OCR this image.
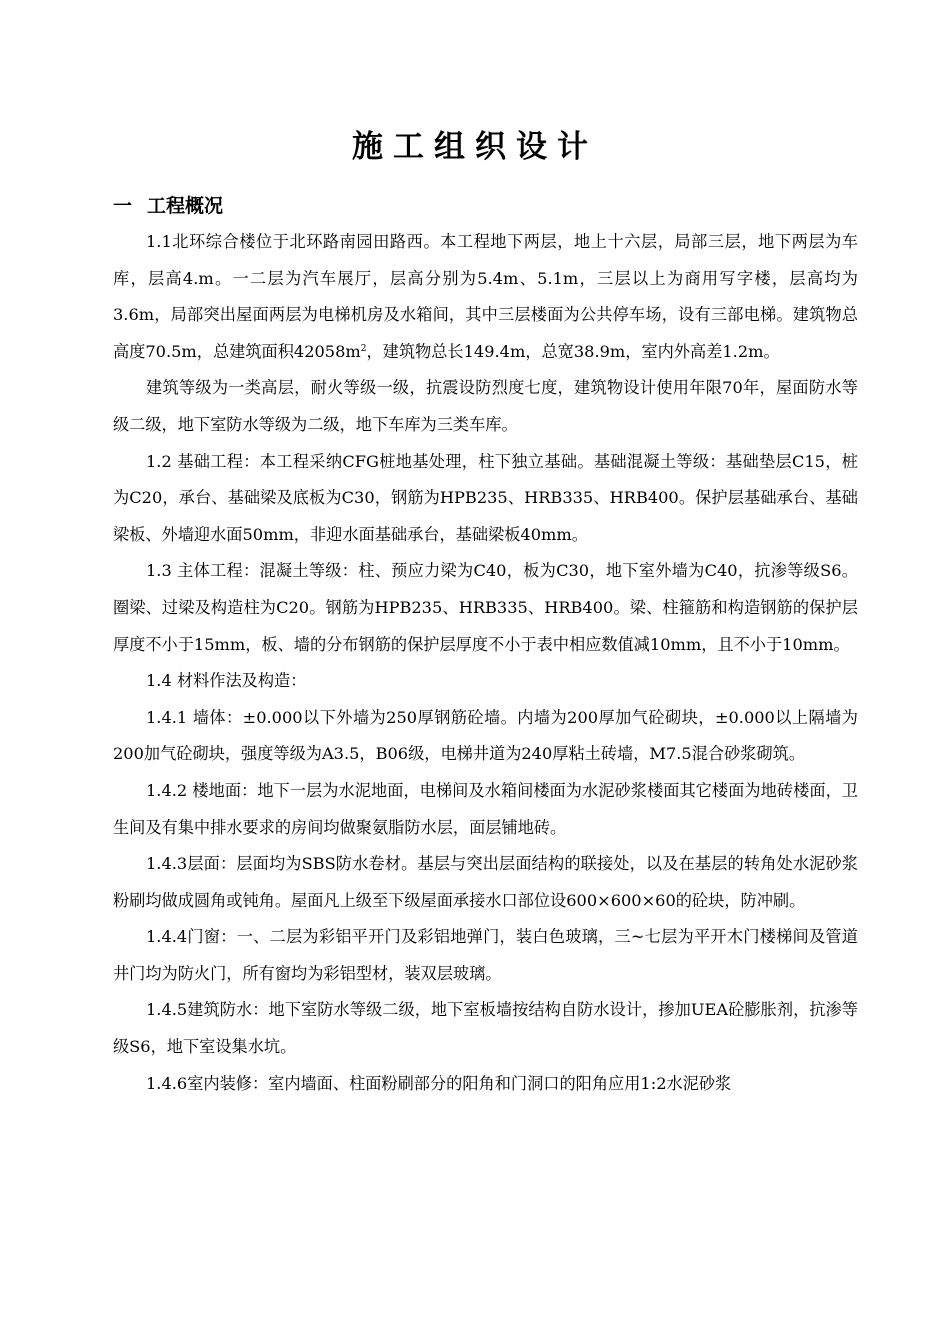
施工组织设计
一 工程概况

1.1北环综合楼位于北环路南园田路西。本工程地下两层，地上十六层，局部三层，地下两层为车库，层高4.m。一二层为汽车展厅，层高分别为5.4m、5.1m，三层以上为商用写字楼，层高均为3.6m，局部突出屋面两层为电梯机房及水箱间，其中三层楼面为公共停车场，设有三部电梯。建筑物总高度70.5m，总建筑面积$42058m^2$，建筑物总长149.4m，总宽38.9m，室内外高差1.2m。

建筑等级为一类高层，耐火等级一级，抗震设防烈度七度，建筑物设计使用年限70年，屋面防水等级二级，地下室防水等级为二级，地下车库为三类车库。

1.2 基础工程：本工程采纳CFG桩地基处理，柱下独立基础。基础混凝土等级：基础垫层C15，桩为C20，承台、基础梁及底板为C30，钢筋为HPB235、HRB335、HRB400。保护层基础承台、基础梁板、外墙迎水面50mm，非迎水面基础承台，基础梁板40mm。

1.3 主体工程：混凝土等级：柱、预应力梁为C40，板为C30，地下室外墙为C40，抗渗等级S6。圈梁、过梁及构造柱为C20。钢筋为HPB235、HRB335、HRB400。梁、柱箍筋和构造钢筋的保护层厚度不小于15mm，板、墙的分布钢筋的保护层厚度不小于表中相应数值减10mm，且不小于10mm。

1.4 材料作法及构造：

1.4.1 墙体：±0.000以下外墙为250厚钢筋砼墙。内墙为200厚加气砼砌块，±0.000以上隔墙为200加气砼砌块，强度等级为A3.5，B06级，电梯井道为240厚粘土砖墙，M7.5混合砂浆砌筑。

1.4.2 楼地面：地下一层为水泥地面，电梯间及水箱间楼面为水泥砂浆楼面其它楼面为地砖楼面，卫生间及有集中排水要求的房间均做聚氨脂防水层，面层铺地砖。

1.4.3层面：层面均为SBS防水卷材。基层与突出层面结构的联接处，以及在基层的转角处水泥砂浆粉刷均做成圆角或钝角。屋面凡上级至下级屋面承接水口部位设600×600×60的砼块，防冲刷。

1.4.4门窗：一、二层为彩铝平开门及彩铝地弹门，装白色玻璃，三~七层为平开木门楼梯间及管道井门均为防火门，所有窗均为彩铝型材，装双层玻璃。

1.4.5建筑防水：地下室防水等级二级，地下室板墙按结构自防水设计，掺加UEA砼膨胀剂，抗渗等级S6，地下室设集水坑。

1.4.6室内装修：室内墙面、柱面粉刷部分的阳角和门洞口的阳角应用1:2水泥砂浆
